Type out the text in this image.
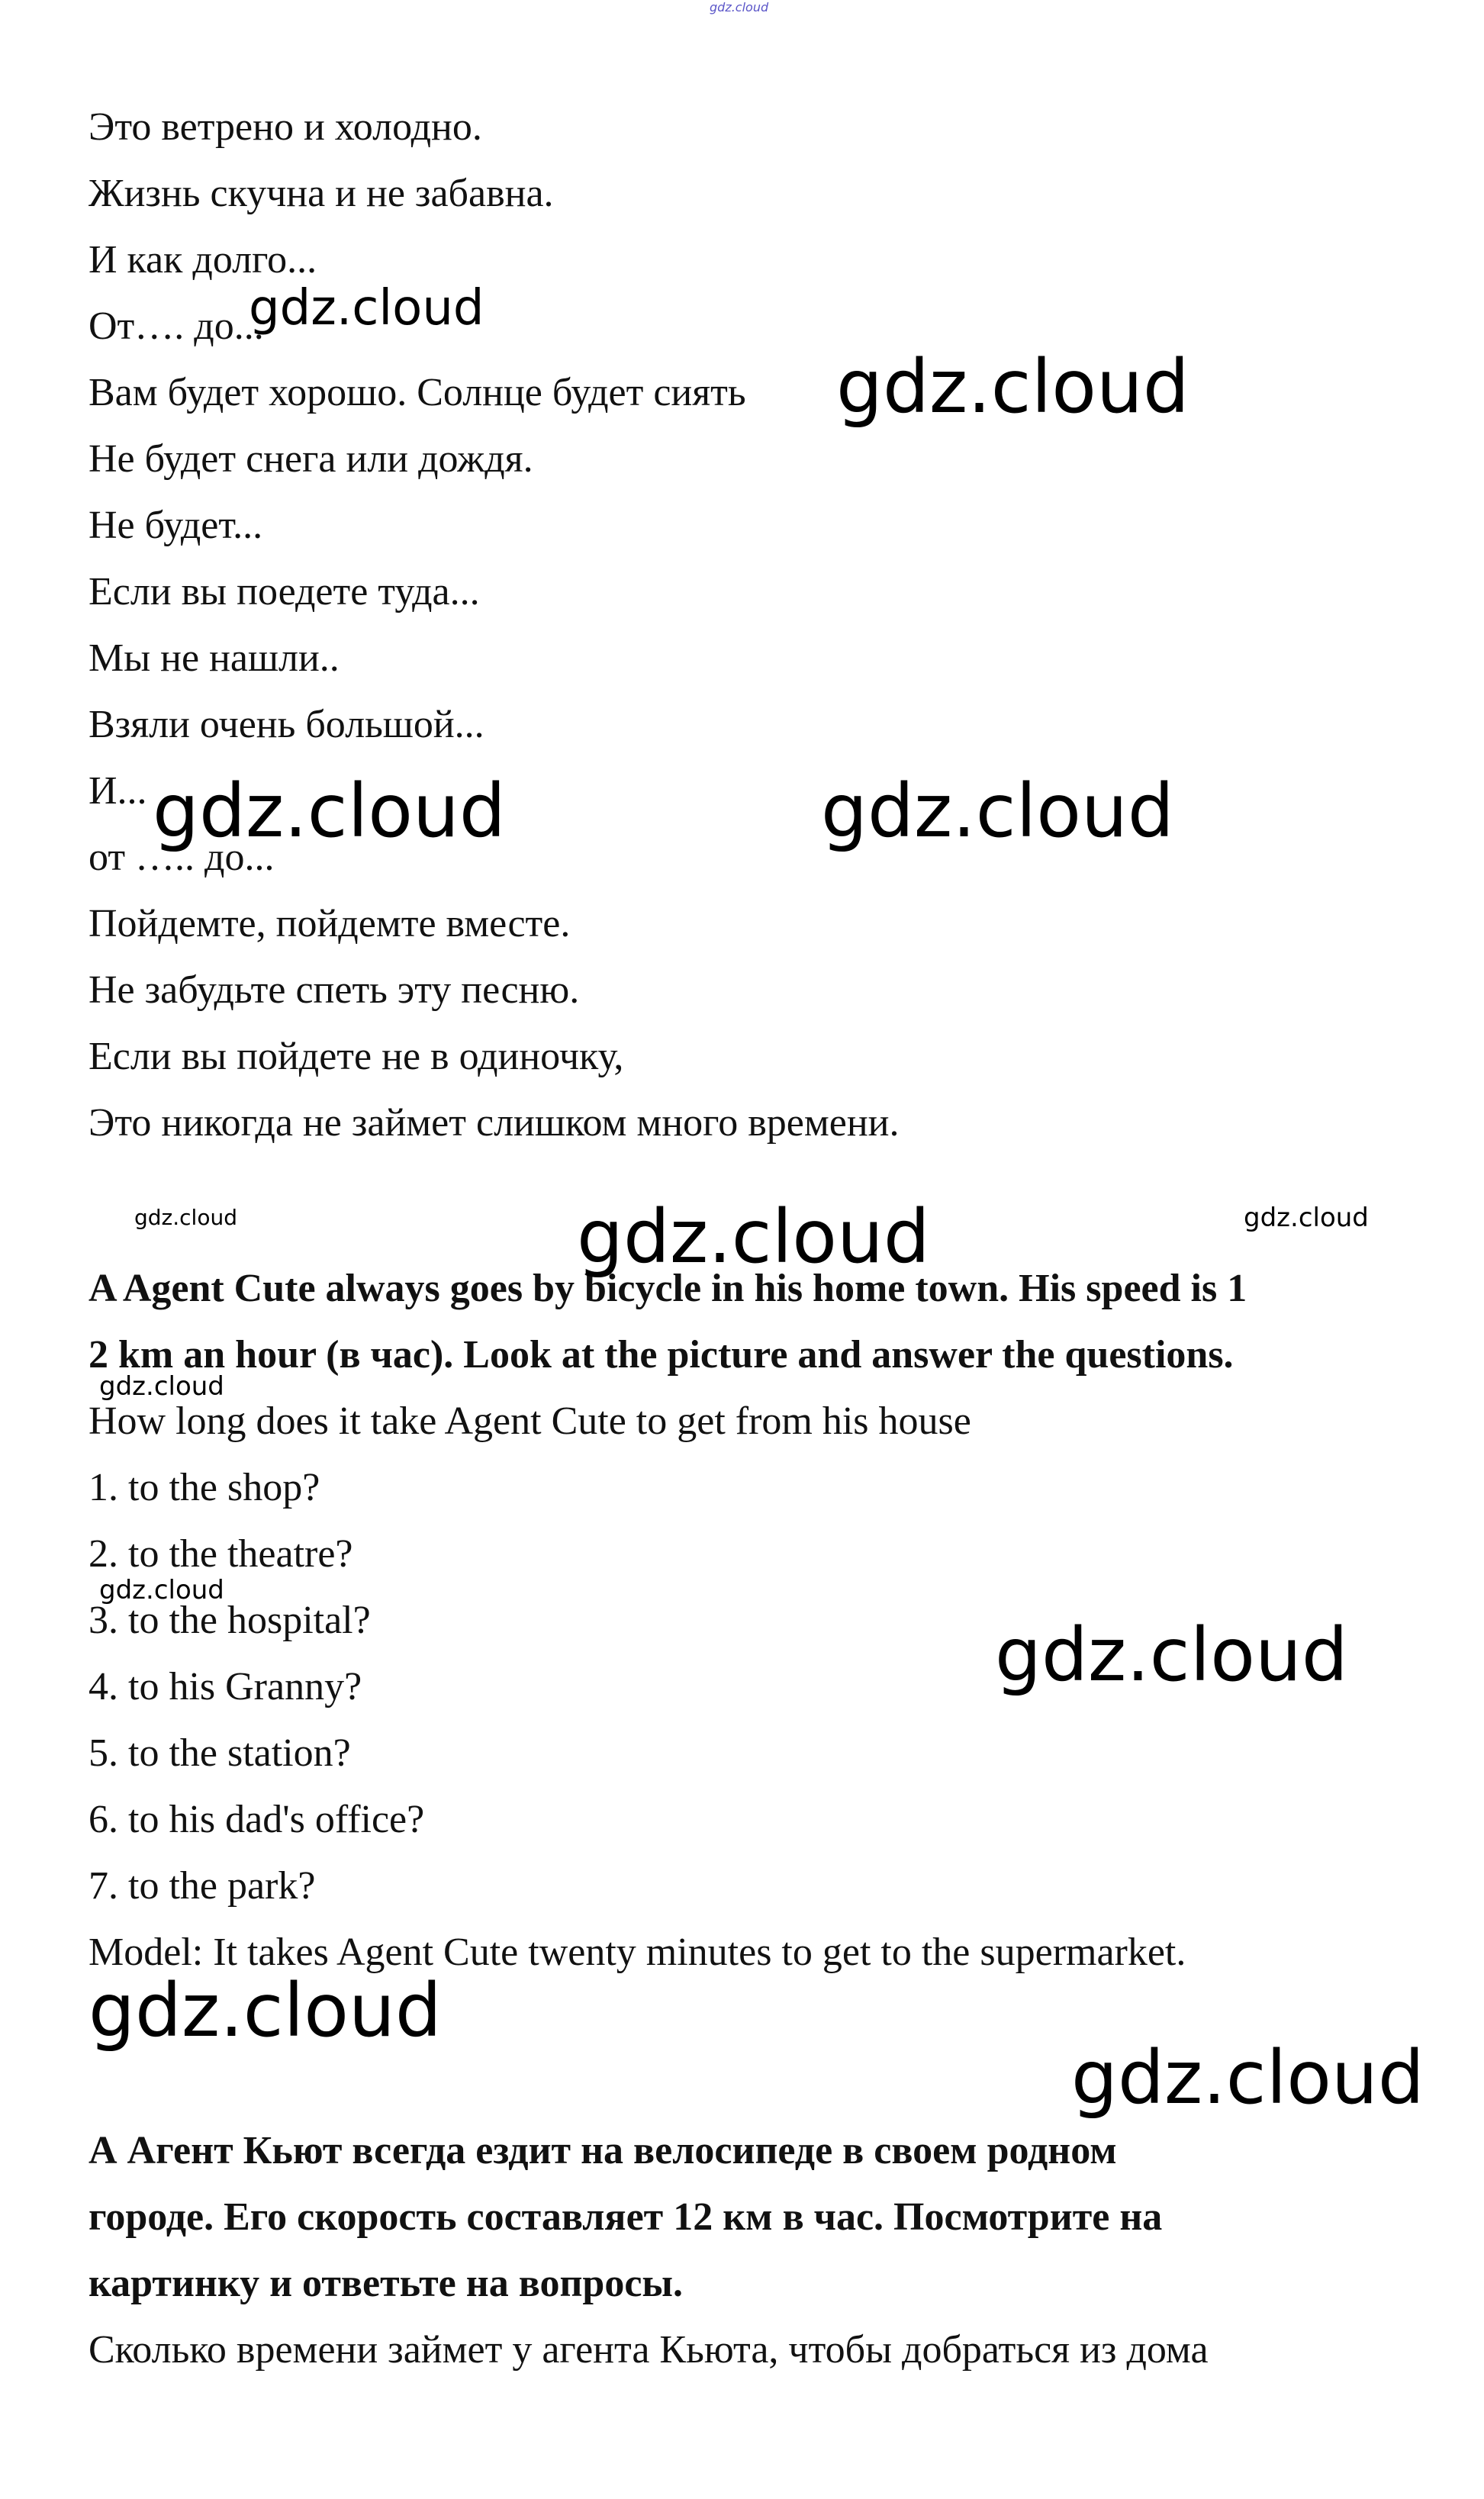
gdz.cloud
Это ветрено и холодно.
Жизнь скучна и не забавна.
И как долго...
От…. до...
Вам будет хорошо. Солнце будет сиять
Не будет снега или дождя.
Не будет...
Если вы поедете туда...
Мы не нашли..
Взяли очень большой...
И...
от ….. до...
Пойдемте, пойдемте вместе.
Не забудьте спеть эту песню.
Если вы пойдете не в одиночку,
Это никогда не займет слишком много времени.
A Agent Cute always goes by bicycle in his home town. His speed is 1
2 km an hour (в час). Look at the picture and answer the questions.
How long does it take Agent Cute to get from his house
1. to the shop?
2. to the theatre?
3. to the hospital?
4. to his Granny?
5. to the station?
6. to his dad's office?
7. to the park?
Model: It takes Agent Cute twenty minutes to get to the supermarket.
А Агент Кьют всегда ездит на велосипеде в своем родном
городе. Его скорость составляет 12 км в час. Посмотрите на
картинку и ответьте на вопросы.
Сколько времени займет у агента Кьюта, чтобы добраться из дома
gdz.cloud
gdz.cloud
gdz.cloud	gdz.cloud
gdz.cloud	gdz.cloud	gdz.cloud
gdz.cloud
gdz.cloud
gdz.cloud
gdz.cloud
gdz.cloud
